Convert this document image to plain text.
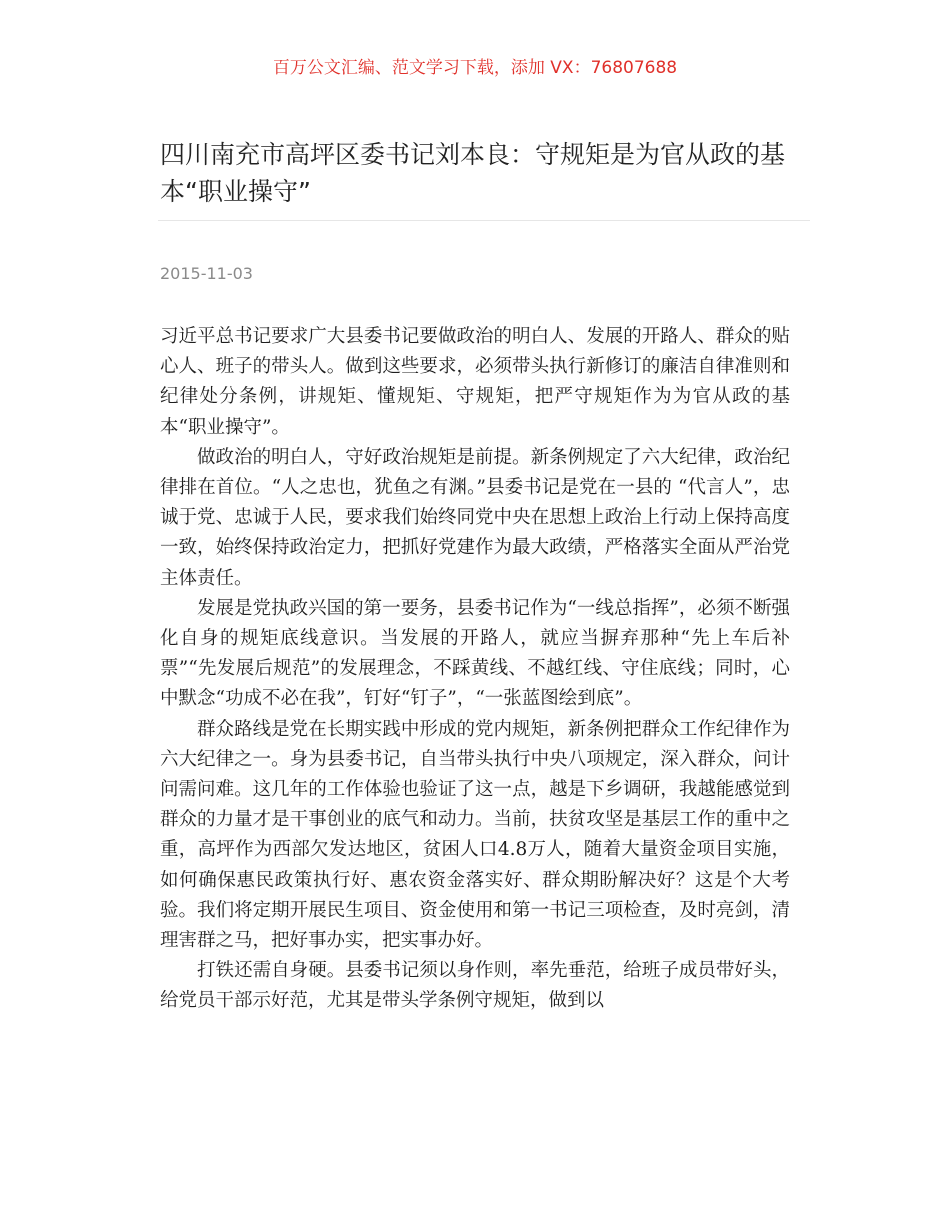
百万公文汇编、范文学习下载，添加 VX：76807688
四川南充市高坪区委书记刘本良：守规矩是为官从政的基本“职业操守”
2015-11-03

习近平总书记要求广大县委书记要做政治的明白人、发展的开路人、群众的贴心人、班子的带头人。做到这些要求，必须带头执行新修订的廉洁自律准则和纪律处分条例，讲规矩、懂规矩、守规矩，把严守规矩作为为官从政的基本“职业操守”。

做政治的明白人，守好政治规矩是前提。新条例规定了六大纪律，政治纪律排在首位。“人之忠也，犹鱼之有渊。”县委书记是党在一县的 “代言人”，忠诚于党、忠诚于人民，要求我们始终同党中央在思想上政治上行动上保持高度一致，始终保持政治定力，把抓好党建作为最大政绩，严格落实全面从严治党主体责任。

发展是党执政兴国的第一要务，县委书记作为“一线总指挥”，必须不断强化自身的规矩底线意识。当发展的开路人，就应当摒弃那种“先上车后补票”“先发展后规范”的发展理念，不踩黄线、不越红线、守住底线；同时，心中默念“功成不必在我”，钉好“钉子”，“一张蓝图绘到底”。

群众路线是党在长期实践中形成的党内规矩，新条例把群众工作纪律作为六大纪律之一。身为县委书记，自当带头执行中央八项规定，深入群众，问计问需问难。这几年的工作体验也验证了这一点，越是下乡调研，我越能感觉到群众的力量才是干事创业的底气和动力。当前，扶贫攻坚是基层工作的重中之重，高坪作为西部欠发达地区，贫困人口4.8万人，随着大量资金项目实施，如何确保惠民政策执行好、惠农资金落实好、群众期盼解决好？这是个大考验。我们将定期开展民生项目、资金使用和第一书记三项检查，及时亮剑，清理害群之马，把好事办实，把实事办好。

打铁还需自身硬。县委书记须以身作则，率先垂范，给班子成员带好头，给党员干部示好范，尤其是带头学条例守规矩，做到以
